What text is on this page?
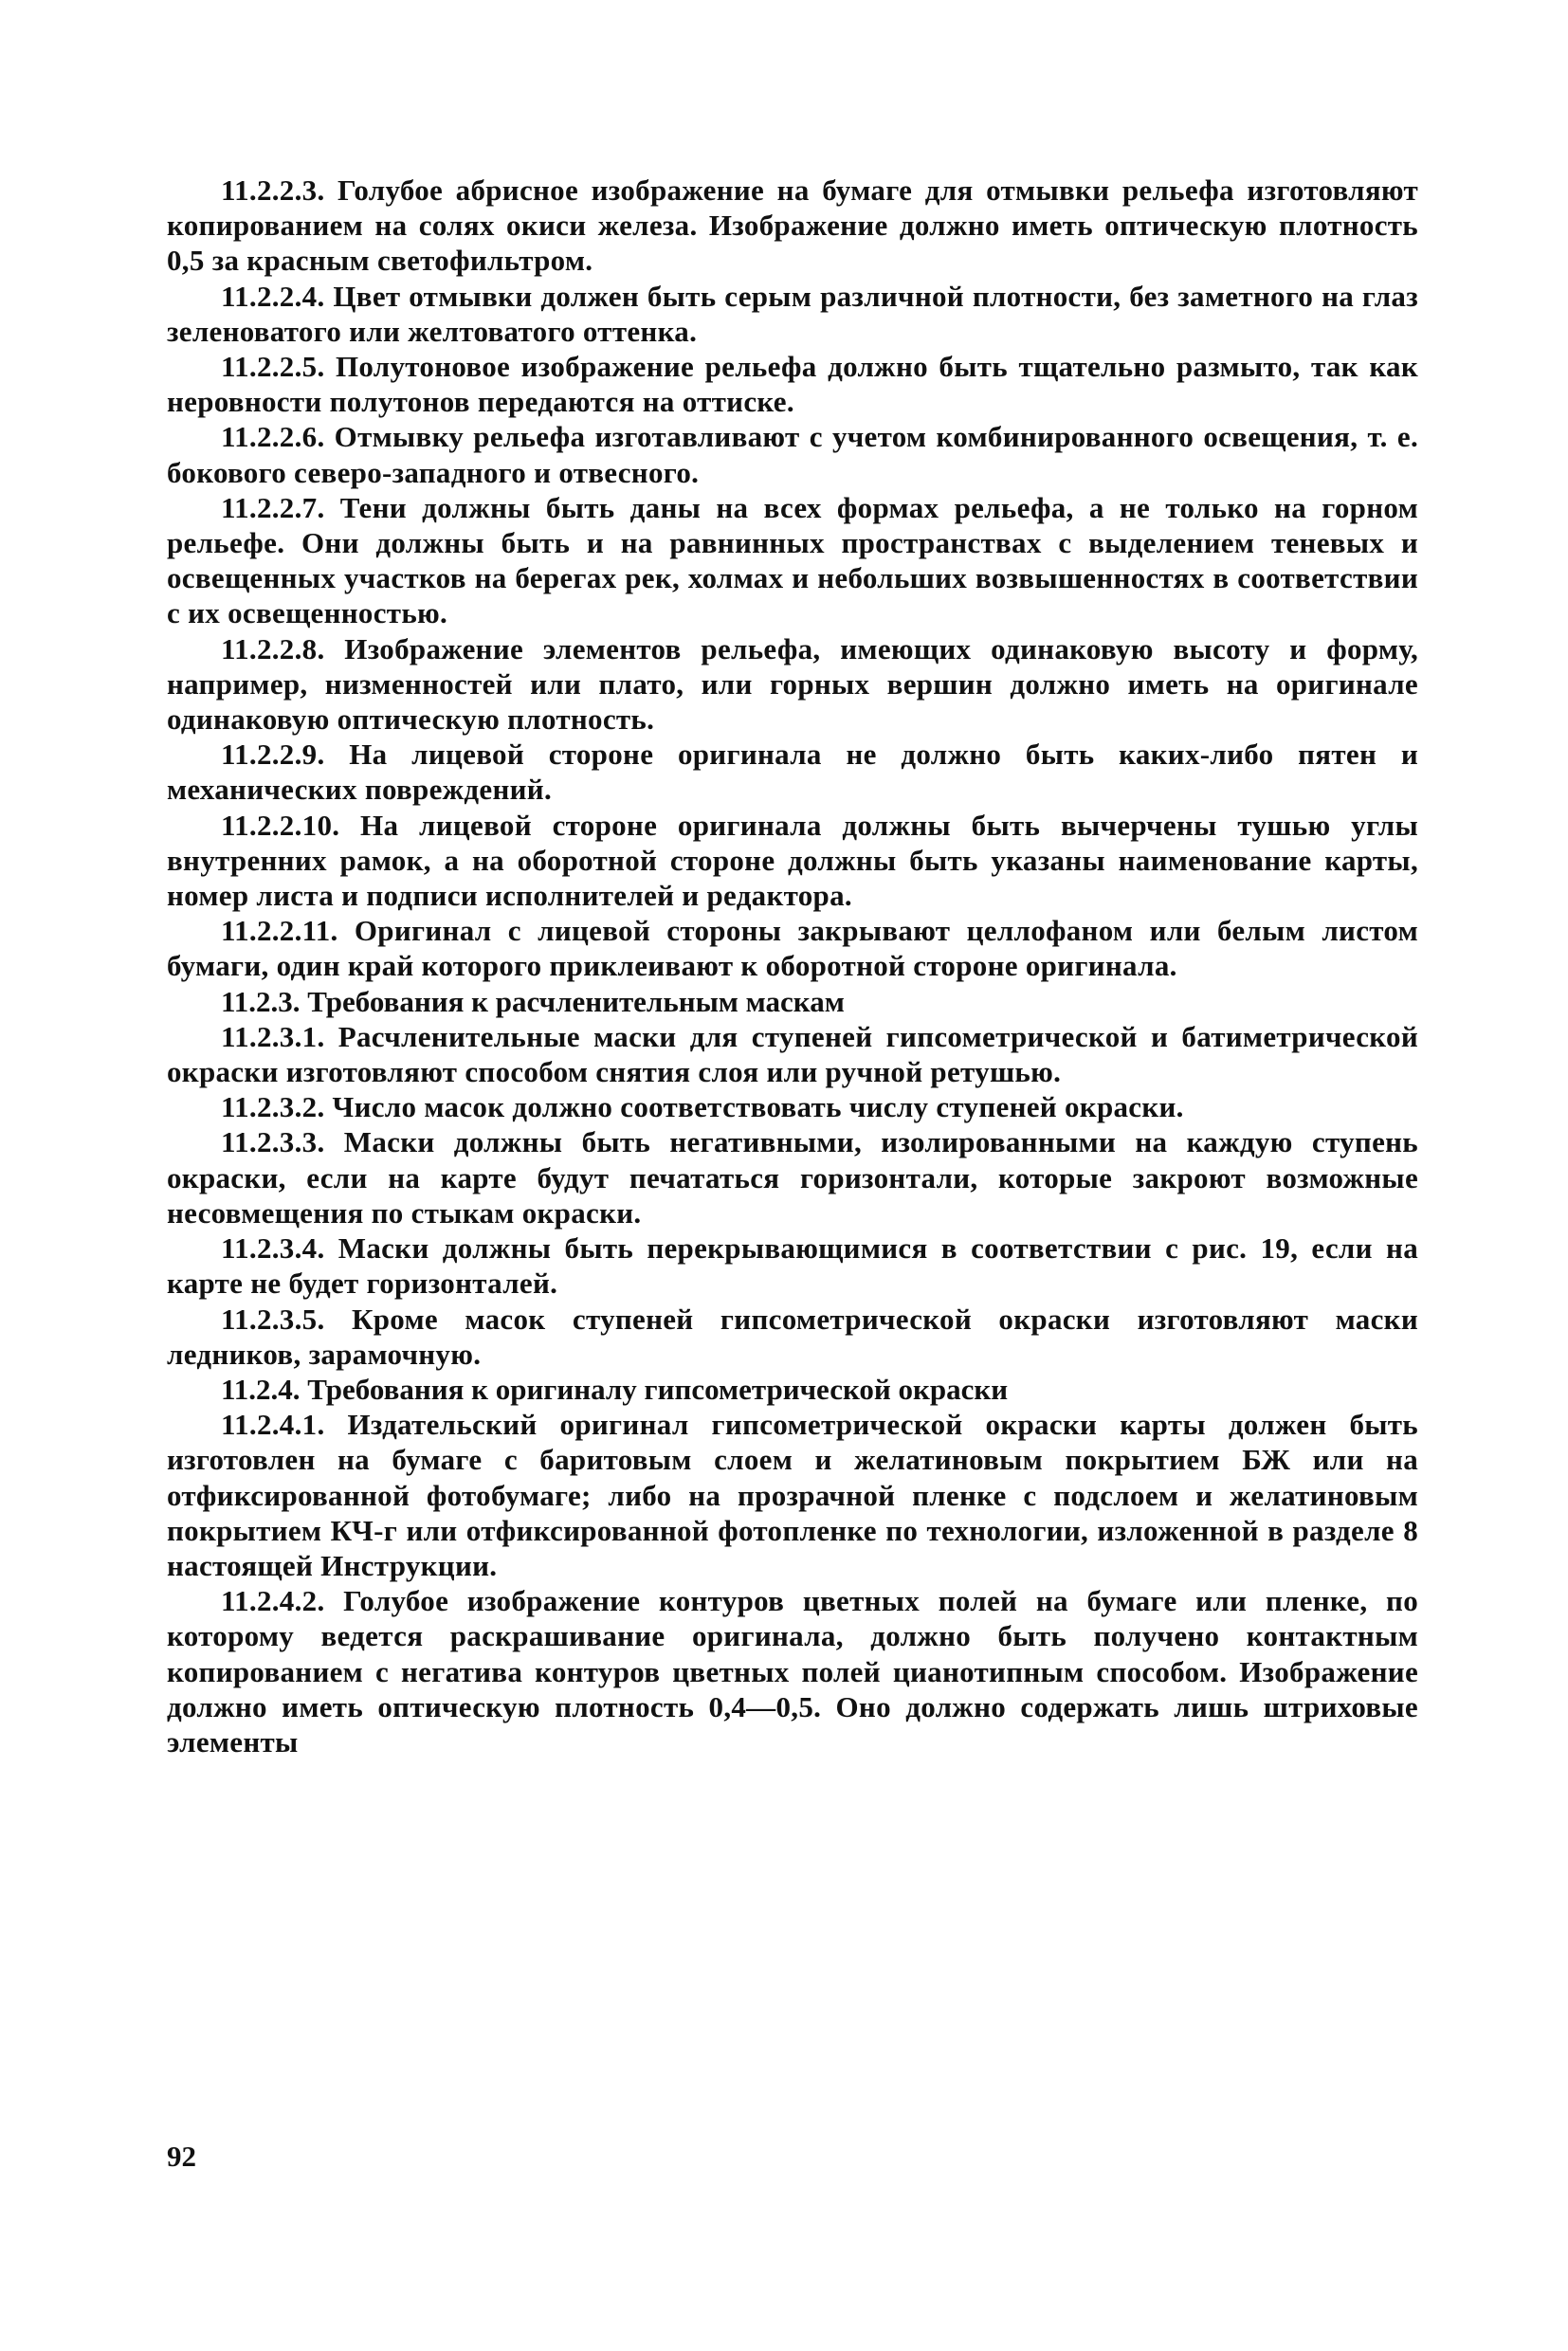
11.2.2.3. Голубое абрисное изображение на бумаге для отмывки рельефа изготовляют копированием на солях окиси железа. Изображение должно иметь оптическую плотность 0,5 за красным светофильтром.

11.2.2.4. Цвет отмывки должен быть серым различной плотности, без заметного на глаз зеленоватого или желтоватого оттенка.

11.2.2.5. Полутоновое изображение рельефа должно быть тщательно размыто, так как неровности полутонов передаются на оттиске.

11.2.2.6. Отмывку рельефа изготавливают с учетом комбинированного освещения, т. е. бокового северо-западного и отвесного.

11.2.2.7. Тени должны быть даны на всех формах рельефа, а не только на горном рельефе. Они должны быть и на равнинных пространствах с выделением теневых и освещенных участков на берегах рек, холмах и небольших возвышенностях в соответствии с их освещенностью.

11.2.2.8. Изображение элементов рельефа, имеющих одинаковую высоту и форму, например, низменностей или плато, или горных вершин должно иметь на оригинале одинаковую оптическую плотность.

11.2.2.9. На лицевой стороне оригинала не должно быть каких-либо пятен и механических повреждений.

11.2.2.10. На лицевой стороне оригинала должны быть вычерчены тушью углы внутренних рамок, а на оборотной стороне должны быть указаны наименование карты, номер листа и подписи исполнителей и редактора.

11.2.2.11. Оригинал с лицевой стороны закрывают целлофаном или белым листом бумаги, один край которого приклеивают к оборотной стороне оригинала.

11.2.3. Требования к расчленительным маскам

11.2.3.1. Расчленительные маски для ступеней гипсометрической и батиметрической окраски изготовляют способом снятия слоя или ручной ретушью.

11.2.3.2. Число масок должно соответствовать числу ступеней окраски.

11.2.3.3. Маски должны быть негативными, изолированными на каждую ступень окраски, если на карте будут печататься горизонтали, которые закроют возможные несовмещения по стыкам окраски.

11.2.3.4. Маски должны быть перекрывающимися в соответствии с рис. 19, если на карте не будет горизонталей.

11.2.3.5. Кроме масок ступеней гипсометрической окраски изготовляют маски ледников, зарамочную.

11.2.4. Требования к оригиналу гипсометрической окраски

11.2.4.1. Издательский оригинал гипсометрической окраски карты должен быть изготовлен на бумаге с баритовым слоем и желатиновым покрытием БЖ или на отфиксированной фотобумаге; либо на прозрачной пленке с подслоем и желатиновым покрытием КЧ-г или отфиксированной фотопленке по технологии, изложенной в разделе 8 настоящей Инструкции.

11.2.4.2. Голубое изображение контуров цветных полей на бумаге или пленке, по которому ведется раскрашивание оригинала, должно быть получено контактным копированием с негатива контуров цветных полей цианотипным способом. Изображение должно иметь оптическую плотность 0,4—0,5. Оно должно содержать лишь штриховые элементы

92
